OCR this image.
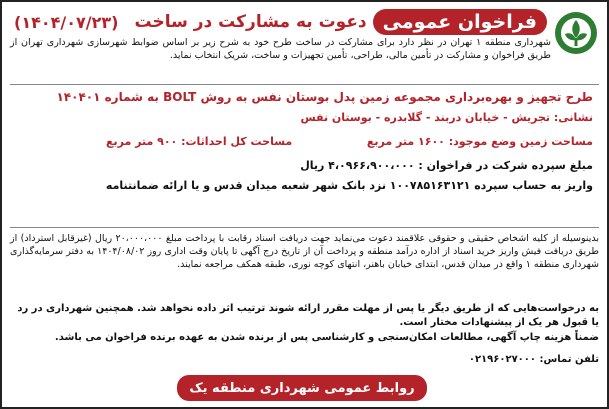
فراخوان عمومی
دعوت به مشارکت در ساخت
(۱۴۰۴/۰۷/۲۳)

شهرداری منطقه ۱ تهران در نظر دارد برای مشارکت در ساخت طرح خود به شرح زیر بر اساس ضوابط شهرسازی شهرداری تهران از طریق فراخوان و مشارکت در تأمین مالی، طراحی، تأمین تجهیزات و ساخت، شریک انتخاب نماید.

طرح تجهیز و بهره‌برداری مجموعه زمین پدل بوستان نفس به روش BOLT به شماره ۱۴۰۴۰۱
نشانی: تجریش - خیابان دربند - گلابدره - بوستان نفس
مساحت زمین وضع موجود: ۱۶۰۰ متر مربع
مساحت کل احداثات: ۹۰۰ متر مربع
مبلغ سپرده شرکت در فراخوان : ۴،۰۹۶۶،۹۰۰،۰۰۰ ریال
واریز به حساب سپرده ۱۰۰۷۸۵۱۶۳۱۲۱ نزد بانک شهر شعبه میدان قدس و یا ارائه ضمانتنامه

بدینوسیله از کلیه اشخاص حقیقی و حقوقی علاقمند دعوت می‌نماید جهت دریافت اسناد رقابت با پرداخت مبلغ ۲۰،۰۰۰،۰۰۰ ریال (غیرقابل استرداد) از طریق دریافت فیش واریز خرید اسناد از اداره درآمد منطقه و پرداخت آن از تاریخ درج آگهی تا پایان وقت اداری روز ۱۴۰۴/۰۸/۰۲ به دفتر سرمایه‌گذاری شهرداری منطقه ۱ واقع در میدان قدس، ابتدای خیابان باهنر، انتهای کوچه نوری، طبقه همکف مراجعه نمایند.

به درخواست‌هایی که از طریق دیگر یا پس از مهلت مقرر ارائه شوند ترتیب اثر داده نخواهد شد. همچنین شهرداری در رد یا قبول هر یک از پیشنهادات مختار است.

ضمناً هزینه چاپ آگهی، مطالعات امکان‌سنجی و کارشناسی پس از برنده شدن به عهده برنده فراخوان می باشد.

تلفن تماس: ۰۲۱۹۶۰۲۷۰۰۰
روابط عمومی شهرداری منطقه یک
